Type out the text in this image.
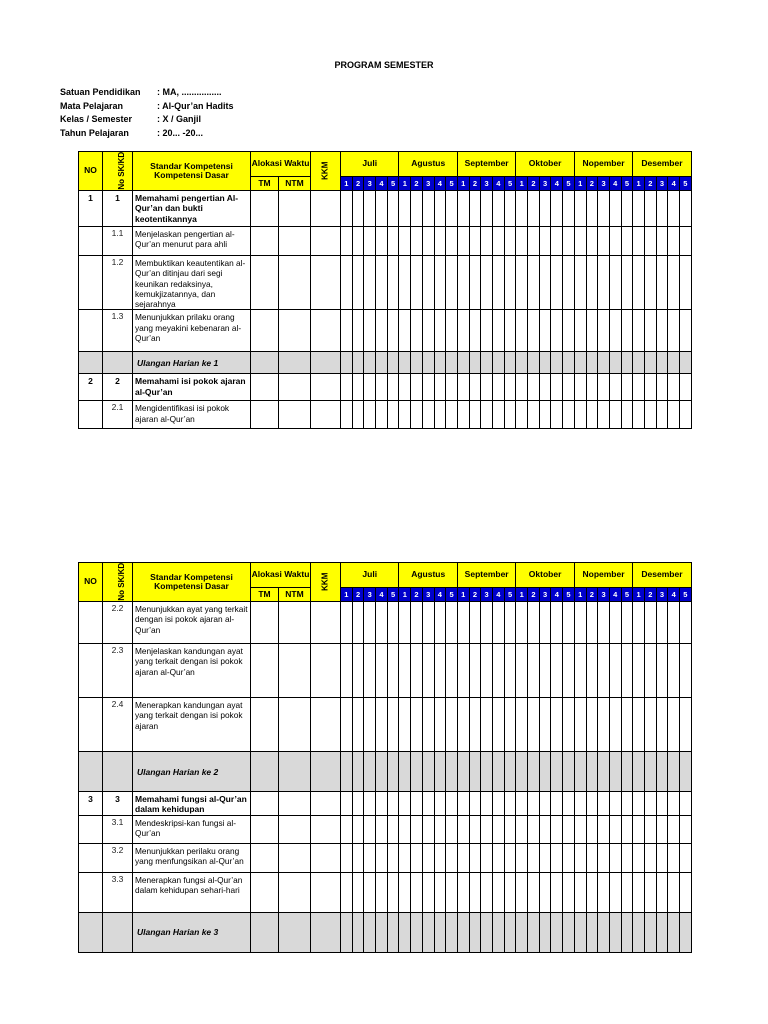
PROGRAM SEMESTER
Satuan Pendidikan	: MA, ................
Mata Pelajaran	: Al-Qur’an Hadits
Kelas / Semester	: X / Ganjil
Tahun Pelajaran	: 20... -20...
NO	No SK/KD	Standar Kompetensi Kompetensi Dasar	Alokasi Waktu		KKM	Juli					Agustus					September					Oktober					Nopember					Desember				
			TM	NTM		1	2	3	4	5	1	2	3	4	5	1	2	3	4	5	1	2	3	4	5	1	2	3	4	5	1	2	3	4	5
1	1	Memahami pengertian Al-Qur’an dan bukti keotentikannya																																	
	1.1	Menjelaskan pengertian al-Qur’an menurut para ahli																																	
	1.2	Membuktikan keautentikan al-Qur’an ditinjau dari segi keunikan redaksinya, kemukjizatannya, dan sejarahnya																																	
	1.3	Menunjukkan prilaku orang yang meyakini kebenaran al-Qur’an																																	
		Ulangan Harian ke 1																																	
2	2	Memahami isi pokok ajaran al-Qur’an																																	
	2.1	Mengidentifikasi isi pokok ajaran al-Qur’an																																	
NO	No SK/KD	Standar Kompetensi Kompetensi Dasar	Alokasi Waktu		KKM	Juli					Agustus					September					Oktober					Nopember					Desember				
			TM	NTM		1	2	3	4	5	1	2	3	4	5	1	2	3	4	5	1	2	3	4	5	1	2	3	4	5	1	2	3	4	5
	2.2	Menunjukkan ayat yang terkait dengan isi pokok ajaran al-Qur’an																																	
	2.3	Menjelaskan kandungan ayat yang terkait dengan isi pokok ajaran al-Qur’an																																	
	2.4	Menerapkan kandungan ayat yang terkait dengan isi pokok ajaran																																	
		Ulangan Harian ke 2																																	
3	3	Memahami fungsi al-Qur’an dalam kehidupan																																	
	3.1	Mendeskripsi-kan fungsi al-Qur’an																																	
	3.2	Menunjukkan perilaku orang yang menfungsikan al-Qur’an																																	
	3.3	Menerapkan fungsi al-Qur’an dalam kehidupan sehari-hari																																	
		Ulangan Harian ke 3																																	
